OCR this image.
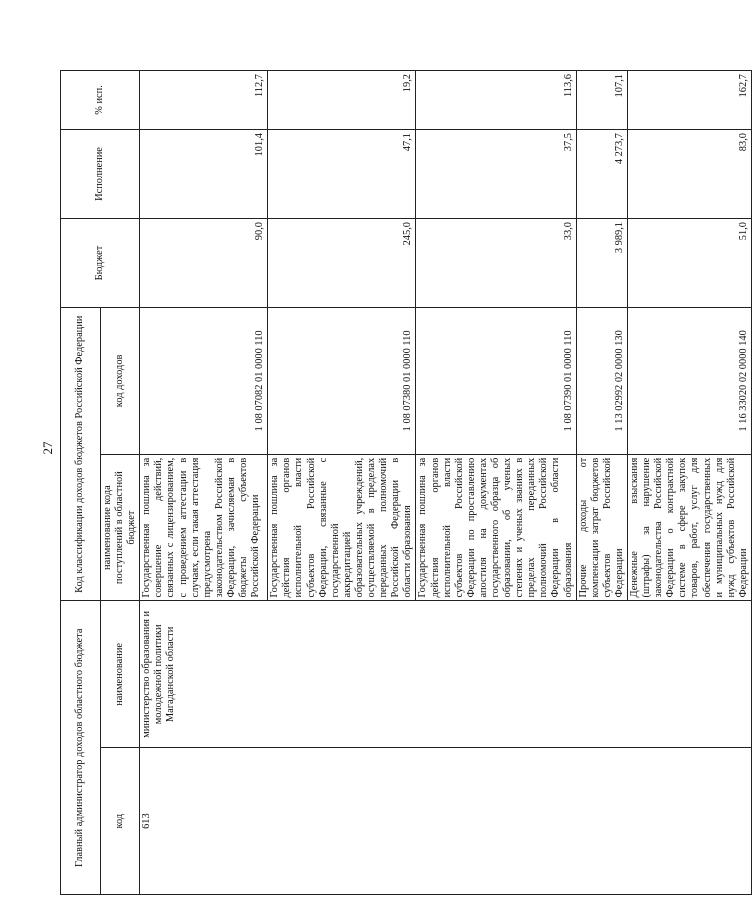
27
Главный администратор доходов областного бюджета		Код классификации доходов бюджетов Российской Федерации		Бюджет	Исполнение	% исп.
код	наименование	наименование кода поступлений в областной бюджет	код доходов			
613	министерство образования и молодежной политики Магаданской области	Государственная пошлина за совершение действий, связанных с лицензированием, с проведением аттестации в случаях, если такая аттестация предусмотрена законодательством Российской Федерации, зачисляемая в бюджеты субъектов Российской Федерации	1 08 07082 01 0000 110	90,0	101,4	112,7
		Государственная пошлина за действия органов исполнительной власти субъектов Российской Федерации, связанные с государственной аккредитацией образовательных учреждений, осуществляемой в пределах переданных полномочий Российской Федерации в области образования	1 08 07380 01 0000 110	245,0	47,1	19,2
		Государственная пошлина за действия органов исполнительной власти субъектов Российской Федерации по проставлению апостиля на документах государственного образца об образовании, об ученых степенях и ученых званиях в пределах переданных полномочий Российской Федерации в области образования	1 08 07390 01 0000 110	33,0	37,5	113,6
		Прочие доходы от компенсации затрат бюджетов субъектов Российской Федерации	1 13 02992 02 0000 130	3 989,1	4 273,7	107,1
		Денежные взыскания (штрафы) за нарушение законодательства Российской Федерации о контрактной системе в сфере закупок товаров, работ, услуг для обеспечения государственных и муниципальных нужд для нужд субъектов Российской Федерации	1 16 33020 02 0000 140	51,0	83,0	162,7
